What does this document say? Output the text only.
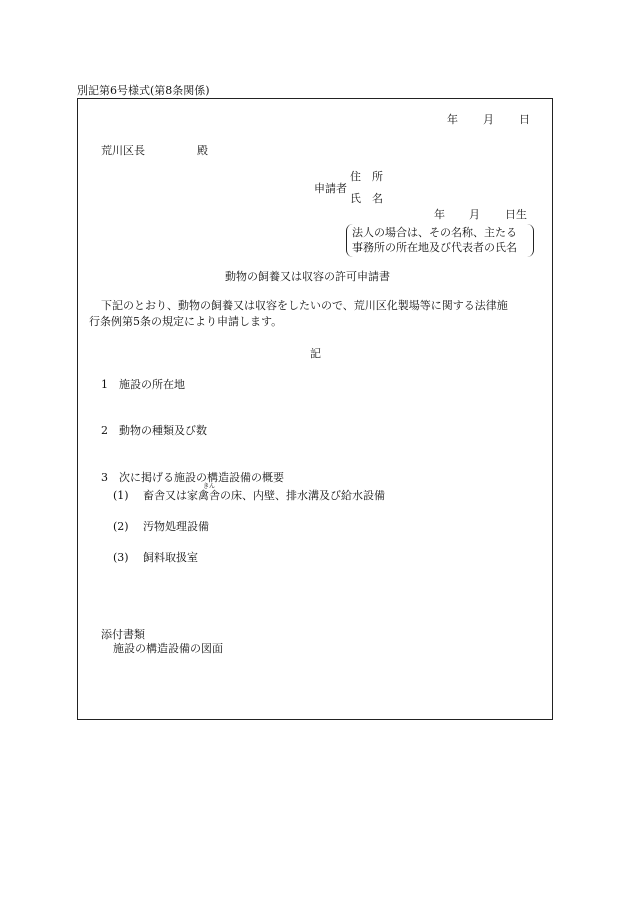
別記第6号様式(第8条関係)
年 月 日
荒川区長	殿
申請者
住　所
氏　名
年 月 日生
法人の場合は、その名称、主たる
事務所の所在地及び代表者の氏名
動物の飼養又は収容の許可申請書
下記のとおり、動物の飼養又は収容をしたいので、荒川区化製場等に関する法律施
行条例第5条の規定により申請します。
記
1 施設の所在地
2 動物の種類及び数
3 次に掲げる施設の構造設備の概要
(1)
きん
畜舎又は家禽舎の床、内壁、排水溝及び給水設備
(2) 汚物処理設備
(3) 飼料取扱室
添付書類
施設の構造設備の図面
